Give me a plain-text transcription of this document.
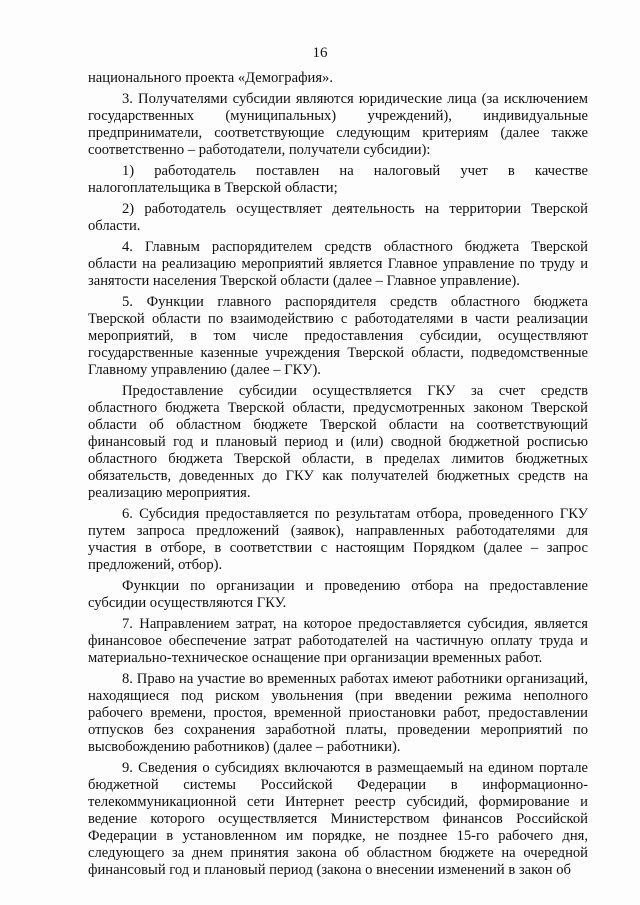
16

национального проекта «Демография».

3. Получателями субсидии являются юридические лица (за исключением государственных (муниципальных) учреждений), индивидуальные предприниматели, соответствующие следующим критериям (далее также соответственно – работодатели, получатели субсидии):

1) работодатель поставлен на налоговый учет в качестве налогоплательщика в Тверской области;

2) работодатель осуществляет деятельность на территории Тверской области.

4. Главным распорядителем средств областного бюджета Тверской области на реализацию мероприятий является Главное управление по труду и занятости населения Тверской области (далее – Главное управление).

5. Функции главного распорядителя средств областного бюджета Тверской области по взаимодействию с работодателями в части реализации мероприятий, в том числе предоставления субсидии, осуществляют государственные казенные учреждения Тверской области, подведомственные Главному управлению (далее – ГКУ).

Предоставление субсидии осуществляется ГКУ за счет средств областного бюджета Тверской области, предусмотренных законом Тверской области об областном бюджете Тверской области на соответствующий финансовый год и плановый период и (или) сводной бюджетной росписью областного бюджета Тверской области, в пределах лимитов бюджетных обязательств, доведенных до ГКУ как получателей бюджетных средств на реализацию мероприятия.

6. Субсидия предоставляется по результатам отбора, проведенного ГКУ путем запроса предложений (заявок), направленных работодателями для участия в отборе, в соответствии с настоящим Порядком (далее – запрос предложений, отбор).

Функции по организации и проведению отбора на предоставление субсидии осуществляются ГКУ.

7. Направлением затрат, на которое предоставляется субсидия, является финансовое обеспечение затрат работодателей на частичную оплату труда и материально-техническое оснащение при организации временных работ.

8. Право на участие во временных работах имеют работники организаций, находящиеся под риском увольнения (при введении режима неполного рабочего времени, простоя, временной приостановки работ, предоставлении отпусков без сохранения заработной платы, проведении мероприятий по высвобождению работников) (далее – работники).

9. Сведения о субсидиях включаются в размещаемый на едином портале бюджетной системы Российской Федерации в информационно-телекоммуникационной сети Интернет реестр субсидий, формирование и ведение которого осуществляется Министерством финансов Российской Федерации в установленном им порядке, не позднее 15-го рабочего дня, следующего за днем принятия закона об областном бюджете на очередной финансовый год и плановый период (закона о внесении изменений в закон об
